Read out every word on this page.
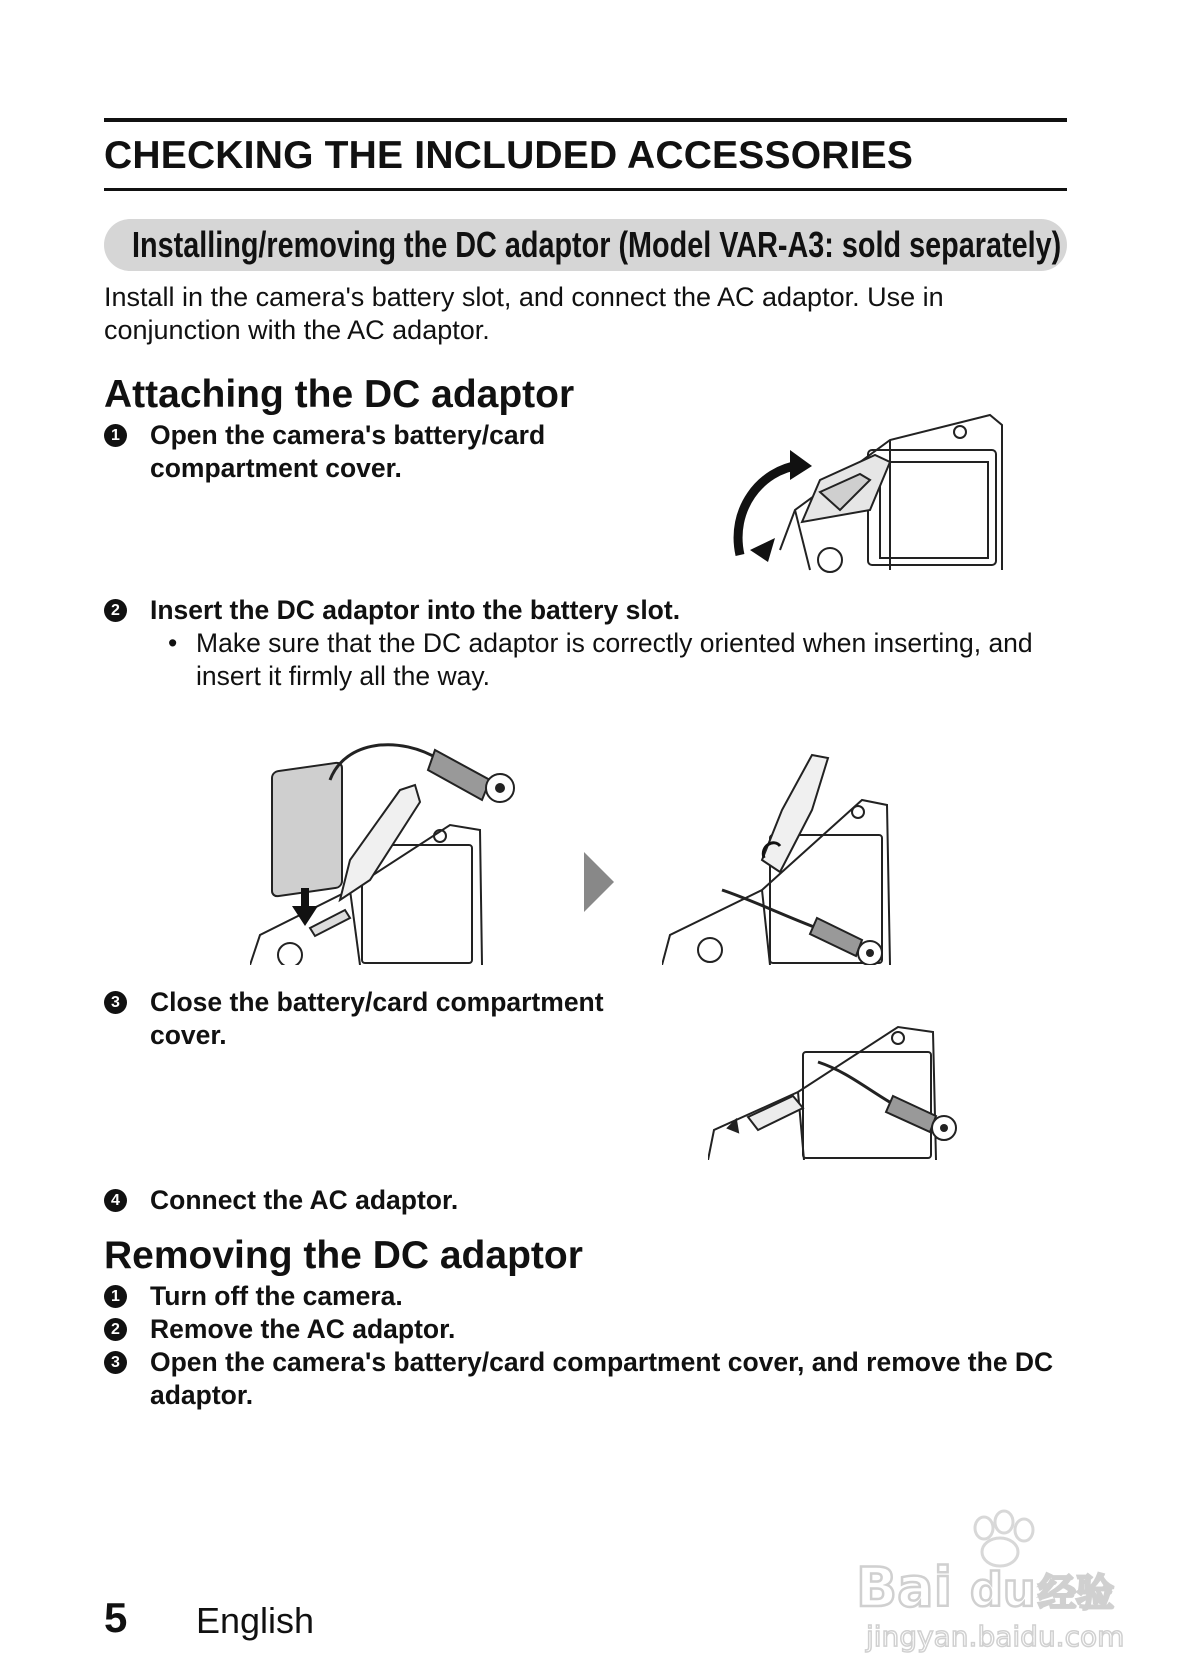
CHECKING THE INCLUDED ACCESSORIES
Installing/removing the DC adaptor (Model VAR-A3: sold separately)
Install in the camera's battery slot, and connect the AC adaptor. Use in conjunction with the AC adaptor.
Attaching the DC adaptor
1 Open the camera's battery/card compartment cover.
2 Insert the DC adaptor into the battery slot.
• Make sure that the DC adaptor is correctly oriented when inserting, and insert it firmly all the way.
3 Close the battery/card compartment cover.
4 Connect the AC adaptor.
Removing the DC adaptor
1 Turn off the camera.
2 Remove the AC adaptor.
3 Open the camera's battery/card compartment cover, and remove the DC adaptor.
5 English
Bai du 经验
jingyan.baidu.com
